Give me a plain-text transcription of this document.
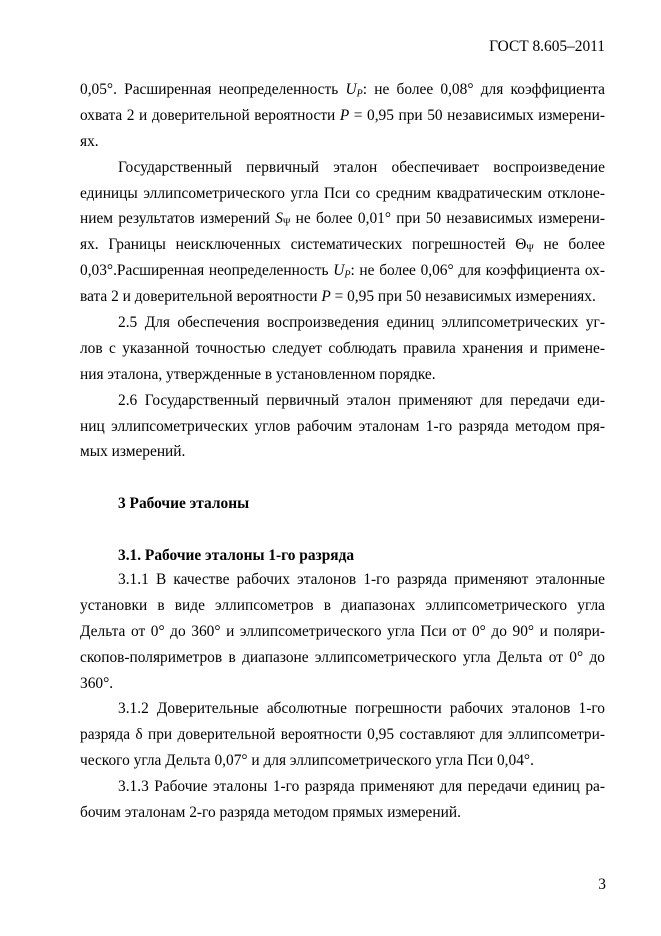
ГОСТ 8.605–2011
0,05°. Расширенная неопределенность $U_P$: не более 0,08° для коэффициента
охвата 2 и доверительной вероятности P = 0,95 при 50 независимых измерени-
ях.
Государственный первичный эталон обеспечивает воспроизведение
единицы эллипсометрического угла Пси со средним квадратическим отклоне-
нием результатов измерений $S_\Psi$ не более 0,01° при 50 независимых измерени-
ях. Границы неисключенных систематических погрешностей $\Theta_\Psi$ не более
0,03°.Расширенная неопределенность $U_P$: не более 0,06° для коэффициента ох-
вата 2 и доверительной вероятности P = 0,95 при 50 независимых измерениях.
2.5 Для обеспечения воспроизведения единиц эллипсометрических уг-
лов с указанной точностью следует соблюдать правила хранения и примене-
ния эталона, утвержденные в установленном порядке.
2.6 Государственный первичный эталон применяют для передачи еди-
ниц эллипсометрических углов рабочим эталонам 1-го разряда методом пря-
мых измерений.
3 Рабочие эталоны
3.1. Рабочие эталоны 1-го разряда
3.1.1 В качестве рабочих эталонов 1-го разряда применяют эталонные
установки в виде эллипсометров в диапазонах эллипсометрического угла
Дельта от 0° до 360° и эллипсометрического угла Пси от 0° до 90° и поляри-
скопов-поляриметров в диапазоне эллипсометрического угла Дельта от 0° до
360°.
3.1.2 Доверительные абсолютные погрешности рабочих эталонов 1-го
разряда δ при доверительной вероятности 0,95 составляют для эллипсометри-
ческого угла Дельта 0,07° и для эллипсометрического угла Пси 0,04°.
3.1.3 Рабочие эталоны 1-го разряда применяют для передачи единиц ра-
бочим эталонам 2-го разряда методом прямых измерений.
3
